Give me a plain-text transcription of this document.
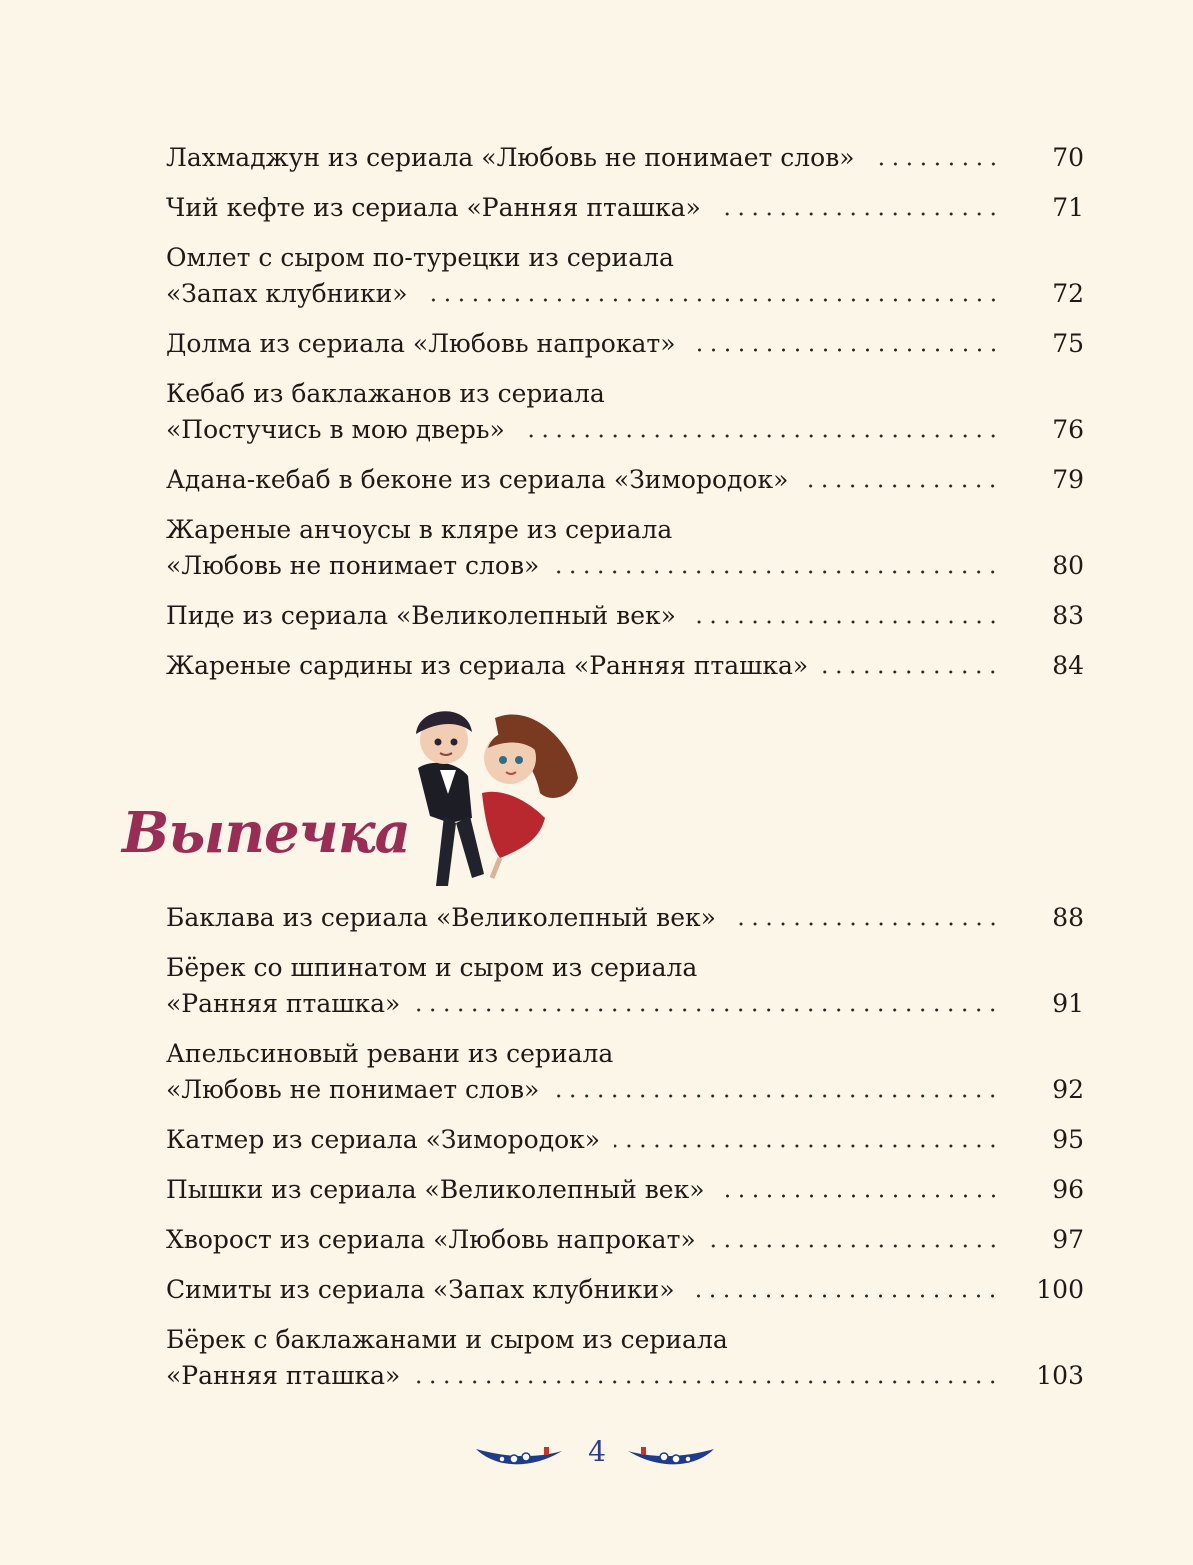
Лахмаджун из сериала «Любовь не понимает слов»	70
Чий кефте из сериала «Ранняя пташка»	71
Омлет с сыром по-турецки из сериала
«Запах клубники»	72
Долма из сериала «Любовь напрокат»	75
Кебаб из баклажанов из сериала
«Постучись в мою дверь»	76
Адана-кебаб в беконе из сериала «Зимородок»	79
Жареные анчоусы в кляре из сериала
«Любовь не понимает слов»	80
Пиде из сериала «Великолепный век»	83
Жареные сардины из сериала «Ранняя пташка»	84
Выпечка
Баклава из сериала «Великолепный век»	88
Бёрек со шпинатом и сыром из сериала
«Ранняя пташка»	91
Апельсиновый ревани из сериала
«Любовь не понимает слов»	92
Катмер из сериала «Зимородок»	95
Пышки из сериала «Великолепный век»	96
Хворост из сериала «Любовь напрокат»	97
Симиты из сериала «Запах клубники»	100
Бёрек с баклажанами и сыром из сериала
«Ранняя пташка»	103
4
